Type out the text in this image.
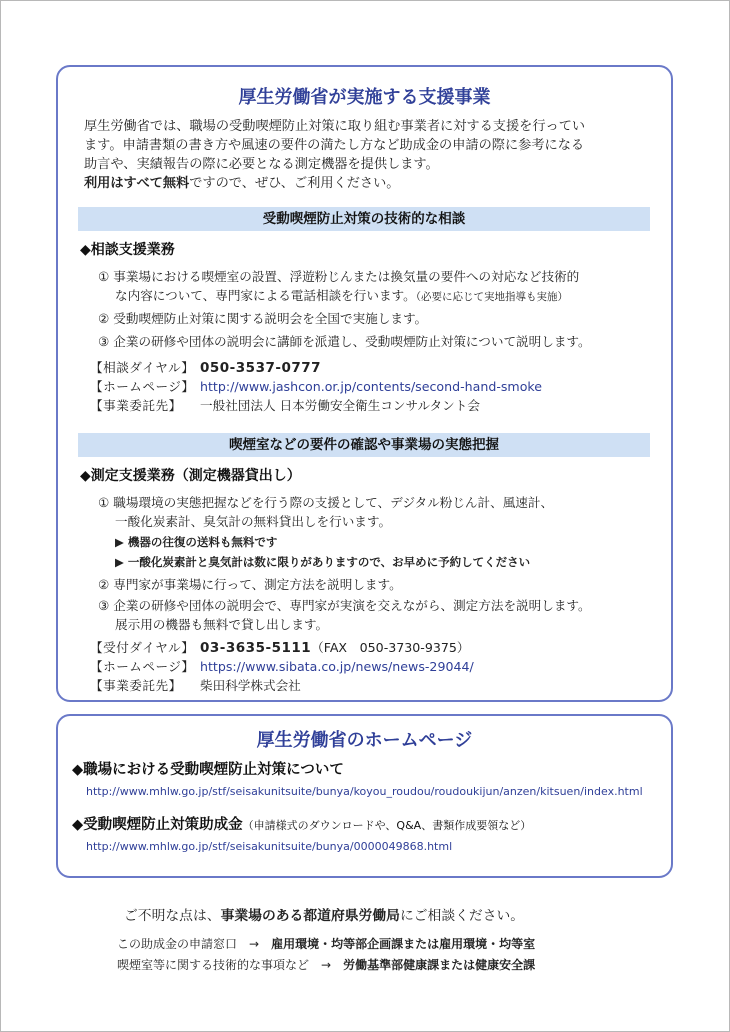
厚生労働省が実施する支援事業
厚生労働省では、職場の受動喫煙防止対策に取り組む事業者に対する支援を行ってい
ます。申請書類の書き方や風速の要件の満たし方など助成金の申請の際に参考になる
助言や、実績報告の際に必要となる測定機器を提供します。
利用はすべて無料ですので、ぜひ、ご利用ください。
受動喫煙防止対策の技術的な相談
◆相談支援業務
① 事業場における喫煙室の設置、浮遊粉じんまたは換気量の要件への対応など技術的
な内容について、専門家による電話相談を行います。（必要に応じて実地指導も実施）
② 受動喫煙防止対策に関する説明会を全国で実施します。
③ 企業の研修や団体の説明会に講師を派遣し、受動喫煙防止対策について説明します。
【相談ダイヤル】 050-3537-0777
【ホームページ】 http://www.jashcon.or.jp/contents/second-hand-smoke
【事業委託先】 一般社団法人 日本労働安全衛生コンサルタント会
喫煙室などの要件の確認や事業場の実態把握
◆測定支援業務（測定機器貸出し）
① 職場環境の実態把握などを行う際の支援として、デジタル粉じん計、風速計、
一酸化炭素計、臭気計の無料貸出しを行います。
▶ 機器の往復の送料も無料です
▶ 一酸化炭素計と臭気計は数に限りがありますので、お早めに予約してください
② 専門家が事業場に行って、測定方法を説明します。
③ 企業の研修や団体の説明会で、専門家が実演を交えながら、測定方法を説明します。
展示用の機器も無料で貸し出します。
【受付ダイヤル】 03-3635-5111（FAX　050-3730-9375）
【ホームページ】 https://www.sibata.co.jp/news/news-29044/
【事業委託先】 柴田科学株式会社
厚生労働省のホームページ
◆職場における受動喫煙防止対策について
http://www.mhlw.go.jp/stf/seisakunitsuite/bunya/koyou_roudou/roudoukijun/anzen/kitsuen/index.html
◆受動喫煙防止対策助成金（申請様式のダウンロードや、Q&A、書類作成要領など）
http://www.mhlw.go.jp/stf/seisakunitsuite/bunya/0000049868.html
ご不明な点は、事業場のある都道府県労働局にご相談ください。
この助成金の申請窓口　→　雇用環境・均等部企画課または雇用環境・均等室
喫煙室等に関する技術的な事項など　→　労働基準部健康課または健康安全課
